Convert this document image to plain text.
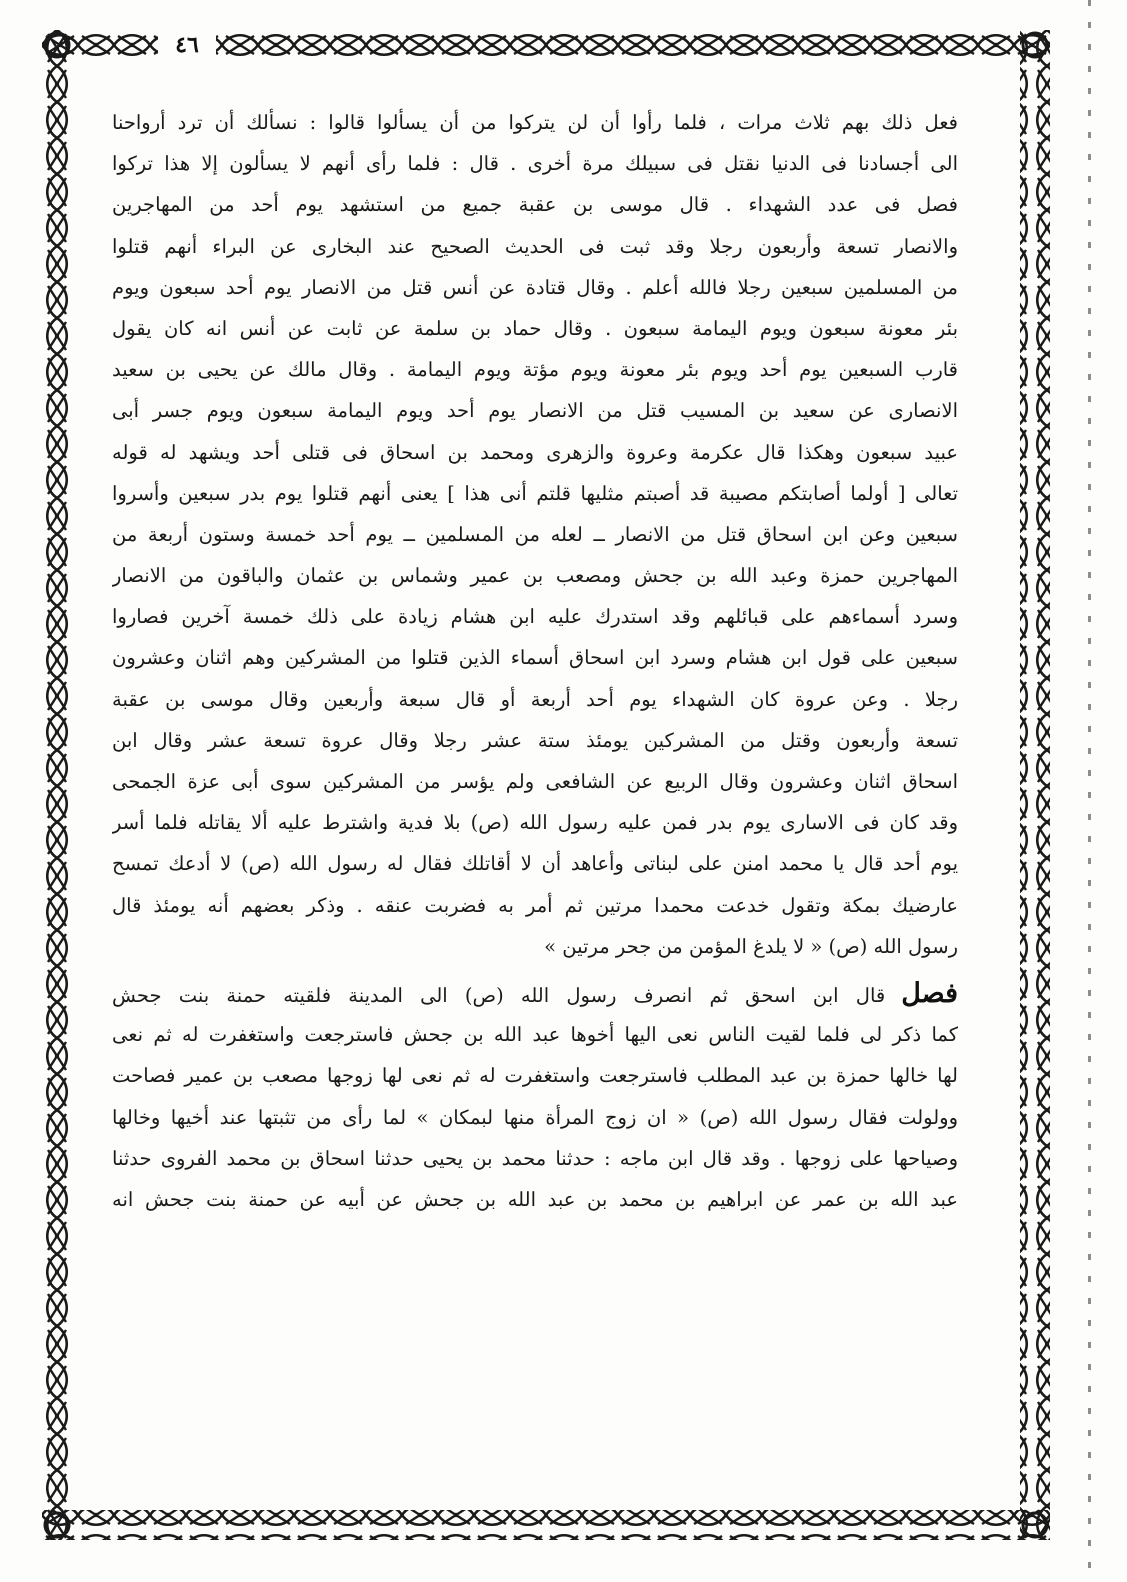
٤٦
فعل ذلك بهم ثلاث مرات ، فلما رأوا أن لن يتركوا من أن يسألوا قالوا : نسألك أن ترد أرواحنا
الى أجسادنا فى الدنيا نقتل فى سبيلك مرة أخرى . قال : فلما رأى أنهم لا يسألون إلا هذا تركوا
فصل فى عدد الشهداء . قال موسى بن عقبة جميع من استشهد يوم أحد من المهاجرين
والانصار تسعة وأربعون رجلا وقد ثبت فى الحديث الصحيح عند البخارى عن البراء أنهم قتلوا
من المسلمين سبعين رجلا فالله أعلم . وقال قتادة عن أنس قتل من الانصار يوم أحد سبعون ويوم
بئر معونة سبعون ويوم اليمامة سبعون . وقال حماد بن سلمة عن ثابت عن أنس انه كان يقول
قارب السبعين يوم أحد ويوم بئر معونة ويوم مؤتة ويوم اليمامة . وقال مالك عن يحيى بن سعيد
الانصارى عن سعيد بن المسيب قتل من الانصار يوم أحد ويوم اليمامة سبعون ويوم جسر أبى
عبيد سبعون وهكذا قال عكرمة وعروة والزهرى ومحمد بن اسحاق فى قتلى أحد ويشهد له قوله
تعالى [ أولما أصابتكم مصيبة قد أصبتم مثليها قلتم أنى هذا ] يعنى أنهم قتلوا يوم بدر سبعين وأسروا
سبعين وعن ابن اسحاق قتل من الانصار ــ لعله من المسلمين ــ يوم أحد خمسة وستون أربعة من
المهاجرين حمزة وعبد الله بن جحش ومصعب بن عمير وشماس بن عثمان والباقون من الانصار
وسرد أسماءهم على قبائلهم وقد استدرك عليه ابن هشام زيادة على ذلك خمسة آخرين فصاروا
سبعين على قول ابن هشام وسرد ابن اسحاق أسماء الذين قتلوا من المشركين وهم اثنان وعشرون
رجلا . وعن عروة كان الشهداء يوم أحد أربعة أو قال سبعة وأربعين وقال موسى بن عقبة
تسعة وأربعون وقتل من المشركين يومئذ ستة عشر رجلا وقال عروة تسعة عشر وقال ابن
اسحاق اثنان وعشرون وقال الربيع عن الشافعى ولم يؤسر من المشركين سوى أبى عزة الجمحى
وقد كان فى الاسارى يوم بدر فمن عليه رسول الله (ص) بلا فدية واشترط عليه ألا يقاتله فلما أسر
يوم أحد قال يا محمد امنن على لبناتى وأعاهد أن لا أقاتلك فقال له رسول الله (ص) لا أدعك تمسح
عارضيك بمكة وتقول خدعت محمدا مرتين ثم أمر به فضربت عنقه . وذكر بعضهم أنه يومئذ قال
رسول الله (ص) « لا يلدغ المؤمن من جحر مرتين »
فصلقال ابن اسحق ثم انصرف رسول الله (ص) الى المدينة فلقيته حمنة بنت جحش
كما ذكر لى فلما لقيت الناس نعى اليها أخوها عبد الله بن جحش فاسترجعت واستغفرت له ثم نعى
لها خالها حمزة بن عبد المطلب فاسترجعت واستغفرت له ثم نعى لها زوجها مصعب بن عمير فصاحت
وولولت فقال رسول الله (ص) « ان زوج المرأة منها لبمكان » لما رأى من تثبتها عند أخيها وخالها
وصياحها على زوجها . وقد قال ابن ماجه : حدثنا محمد بن يحيى حدثنا اسحاق بن محمد الفروى حدثنا
عبد الله بن عمر عن ابراهيم بن محمد بن عبد الله بن جحش عن أبيه عن حمنة بنت جحش انه
